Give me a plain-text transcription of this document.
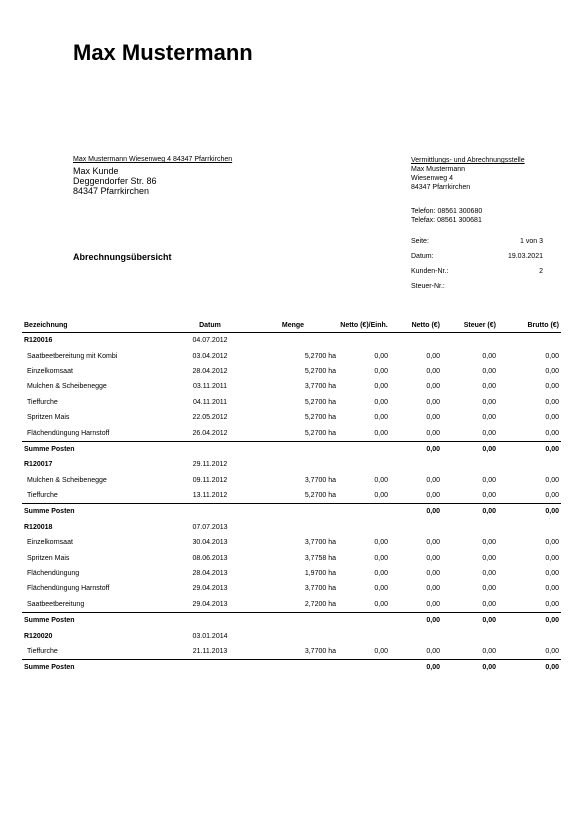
Max Mustermann
Max Mustermann Wiesenweg 4 84347 Pfarrkirchen
Max Kunde
Deggendorfer Str. 86
84347 Pfarrkirchen
Vermittlungs- und Abrechnungsstelle
Max Mustermann
Wiesenweg 4
84347 Pfarrkirchen
Telefon: 08561 300680
Telefax: 08561 300681
Seite:	1 von 3
Datum:	19.03.2021
Kunden-Nr.:	2
Steuer-Nr.:
Abrechnungsübersicht
Bezeichnung	Datum	Menge	Netto (€)/Einh.	Netto (€)	Steuer (€)	Brutto (€)
R120016	04.07.2012					
Saatbeetbereitung mit Kombi	03.04.2012	5,2700 ha	0,00	0,00	0,00	0,00
Einzelkornsaat	28.04.2012	5,2700 ha	0,00	0,00	0,00	0,00
Mulchen & Scheibenegge	03.11.2011	3,7700 ha	0,00	0,00	0,00	0,00
Tieffurche	04.11.2011	5,2700 ha	0,00	0,00	0,00	0,00
Spritzen Mais	22.05.2012	5,2700 ha	0,00	0,00	0,00	0,00
Flächendüngung Harnstoff	26.04.2012	5,2700 ha	0,00	0,00	0,00	0,00
Summe Posten				0,00	0,00	0,00
R120017	29.11.2012					
Mulchen & Scheibenegge	09.11.2012	3,7700 ha	0,00	0,00	0,00	0,00
Tieffurche	13.11.2012	5,2700 ha	0,00	0,00	0,00	0,00
Summe Posten				0,00	0,00	0,00
R120018	07.07.2013					
Einzelkornsaat	30.04.2013	3,7700 ha	0,00	0,00	0,00	0,00
Spritzen Mais	08.06.2013	3,7758 ha	0,00	0,00	0,00	0,00
Flächendüngung	28.04.2013	1,9700 ha	0,00	0,00	0,00	0,00
Flächendüngung Harnstoff	29.04.2013	3,7700 ha	0,00	0,00	0,00	0,00
Saatbeetbereitung	29.04.2013	2,7200 ha	0,00	0,00	0,00	0,00
Summe Posten				0,00	0,00	0,00
R120020	03.01.2014					
Tieffurche	21.11.2013	3,7700 ha	0,00	0,00	0,00	0,00
Summe Posten				0,00	0,00	0,00
